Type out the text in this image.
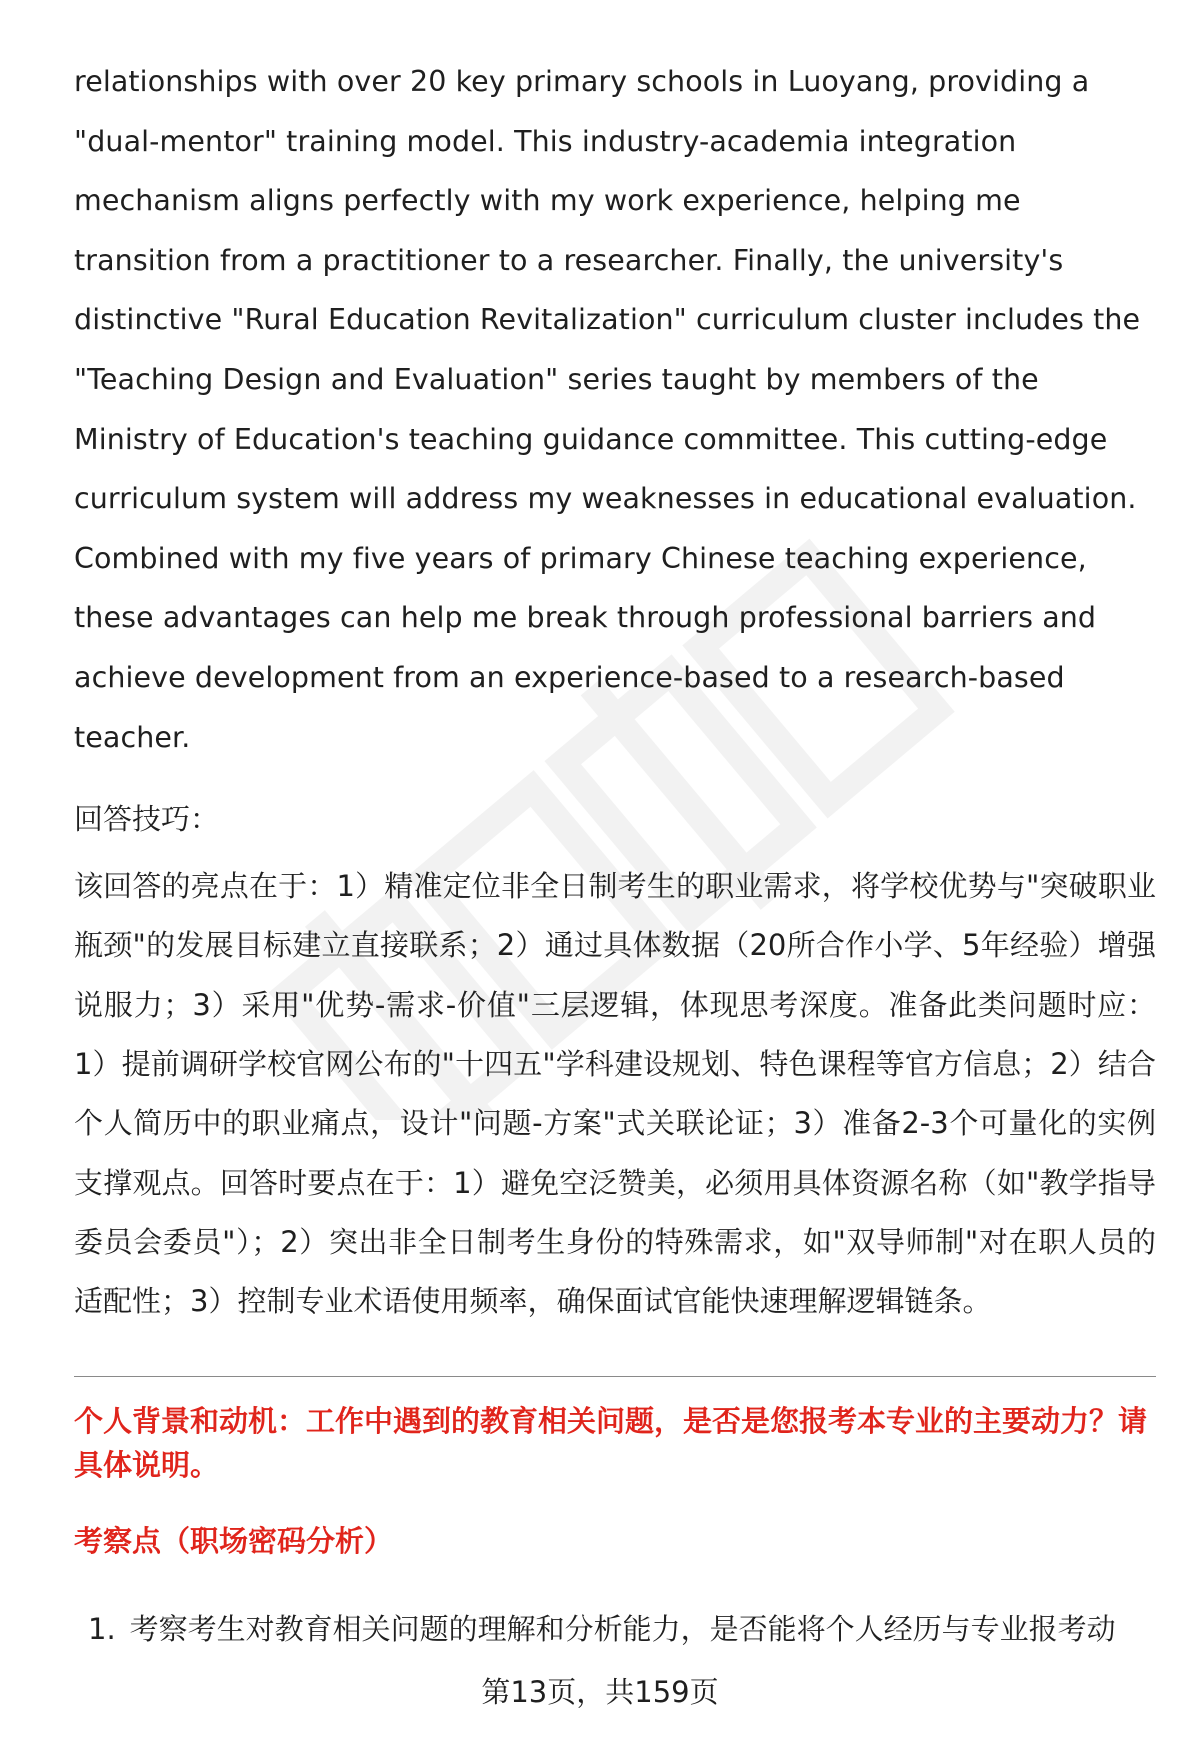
relationships with over 20 key primary schools in Luoyang, providing a "dual-mentor" training model. This industry-academia integration mechanism aligns perfectly with my work experience, helping me transition from a practitioner to a researcher. Finally, the university's distinctive "Rural Education Revitalization" curriculum cluster includes the "Teaching Design and Evaluation" series taught by members of the Ministry of Education's teaching guidance committee. This cutting-edge curriculum system will address my weaknesses in educational evaluation. Combined with my five years of primary Chinese teaching experience, these advantages can help me break through professional barriers and achieve development from an experience-based to a research-based teacher.

回答技巧：

该回答的亮点在于：1）精准定位非全日制考生的职业需求，将学校优势与"突破职业瓶颈"的发展目标建立直接联系；2）通过具体数据（20所合作小学、5年经验）增强说服力；3）采用"优势-需求-价值"三层逻辑，体现思考深度。准备此类问题时应：1）提前调研学校官网公布的"十四五"学科建设规划、特色课程等官方信息；2）结合个人简历中的职业痛点，设计"问题-方案"式关联论证；3）准备2-3个可量化的实例支撑观点。回答时要点在于：1）避免空泛赞美，必须用具体资源名称（如"教学指导委员会委员"）；2）突出非全日制考生身份的特殊需求，如"双导师制"对在职人员的适配性；3）控制专业术语使用频率，确保面试官能快速理解逻辑链条。

个人背景和动机：工作中遇到的教育相关问题，是否是您报考本专业的主要动力？请具体说明。
考察点（职场密码分析）
1. 考察考生对教育相关问题的理解和分析能力，是否能将个人经历与专业报考动
第13页，共159页
